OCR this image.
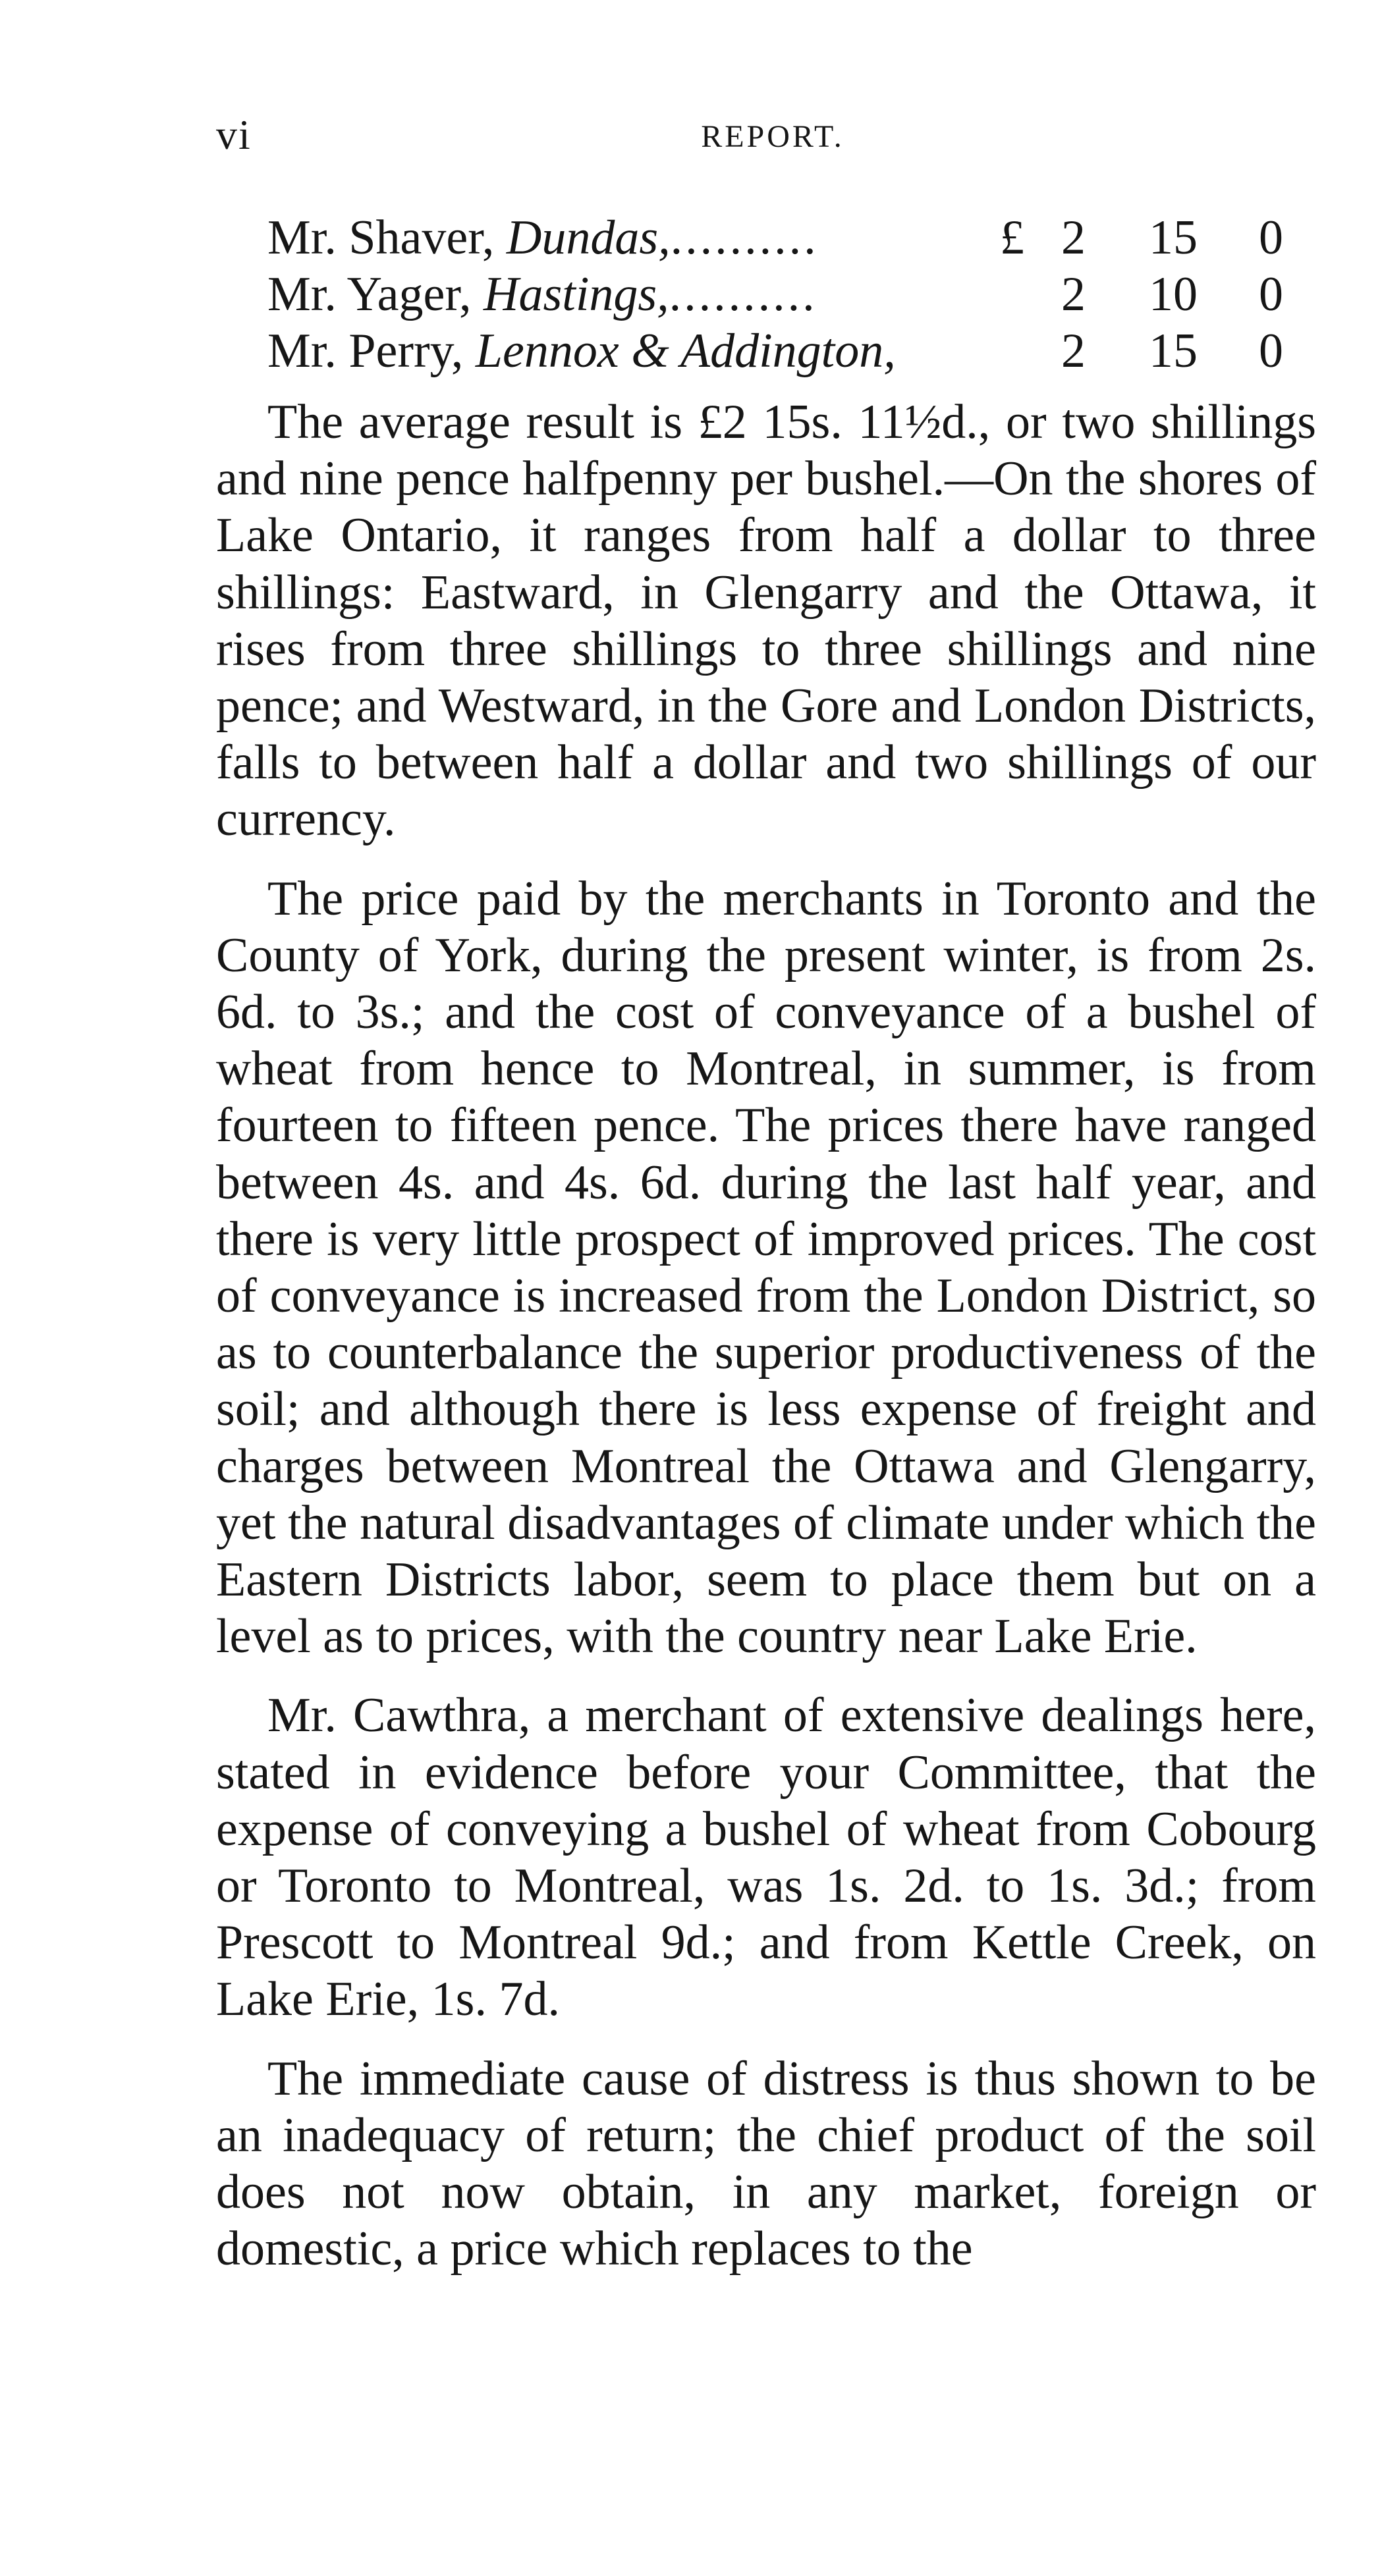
vi	REPORT.
Mr. Shaver, Dundas,..........	£ 2	15	0
Mr. Yager, Hastings,..........	2	10	0
Mr. Perry, Lennox & Addington,	2	15	0

The average result is £2 15s. 11½d., or two shillings and nine pence halfpenny per bushel.—On the shores of Lake Ontario, it ranges from half a dollar to three shillings: Eastward, in Glengarry and the Ottawa, it rises from three shillings to three shillings and nine pence; and Westward, in the Gore and London Districts, falls to between half a dollar and two shillings of our currency.

The price paid by the merchants in Toronto and the County of York, during the present winter, is from 2s. 6d. to 3s.; and the cost of conveyance of a bushel of wheat from hence to Montreal, in summer, is from fourteen to fifteen pence. The prices there have ranged between 4s. and 4s. 6d. during the last half year, and there is very little prospect of improved prices. The cost of conveyance is increased from the London District, so as to counterbalance the superior productiveness of the soil; and although there is less expense of freight and charges between Montreal the Ottawa and Glengarry, yet the natural disadvantages of climate under which the Eastern Districts labor, seem to place them but on a level as to prices, with the country near Lake Erie.

Mr. Cawthra, a merchant of extensive dealings here, stated in evidence before your Committee, that the expense of conveying a bushel of wheat from Cobourg or Toronto to Montreal, was 1s. 2d. to 1s. 3d.; from Prescott to Montreal 9d.; and from Kettle Creek, on Lake Erie, 1s. 7d.

The immediate cause of distress is thus shown to be an inadequacy of return; the chief product of the soil does not now obtain, in any market, foreign or domestic, a price which replaces to the
